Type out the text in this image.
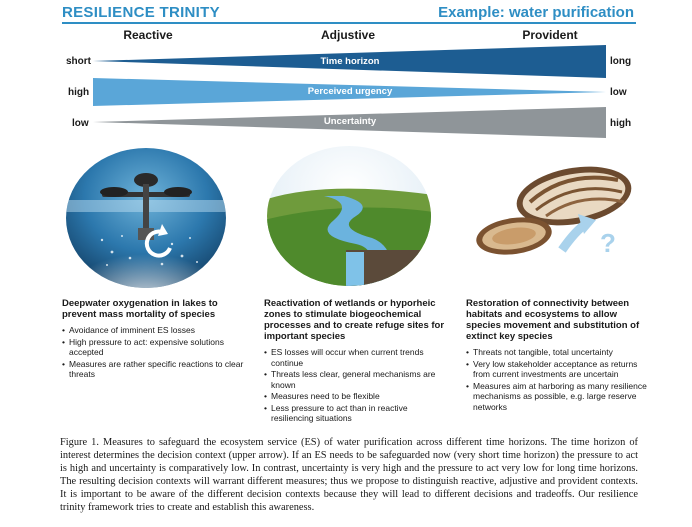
RESILIENCE TRINITY	Example: water purification
Reactive	Adjustive	Provident
short	long
Time horizon
high	low
Perceived urgency
low	high
Uncertainty
?
Deepwater oxygenation in lakes to prevent mass mortality of species
• Avoidance of imminent ES losses
• High pressure to act: expensive solutions accepted
• Measures are rather specific reactions to clear threats
Reactivation of wetlands or hyporheic zones to stimulate biogeochemical processes and to create refuge sites for important species
• ES losses will occur when current trends continue
• Threats less clear, general mechanisms are known
• Measures need to be flexible
• Less pressure to act than in reactive resiliencing situations
Restoration of connectivity between habitats and ecosystems to allow species movement and substitution of extinct key species
• Threats not tangible, total uncertainty
• Very low stakeholder acceptance as returns from current investments are uncertain
• Measures aim at harboring as many resilience mechanisms as possible, e.g. large reserve networks
Figure 1. Measures to safeguard the ecosystem service (ES) of water purification across different time horizons. The time horizon of interest determines the decision context (upper arrow). If an ES needs to be safeguarded now (very short time horizon) the pressure to act is high and uncertainty is comparatively low. In contrast, uncertainty is very high and the pressure to act very low for long time horizons. The resulting decision contexts will warrant different measures; thus we propose to distinguish reactive, adjustive and provident contexts. It is important to be aware of the different decision contexts because they will lead to different decisions and tradeoffs. Our resilience trinity framework tries to create and establish this awareness.
